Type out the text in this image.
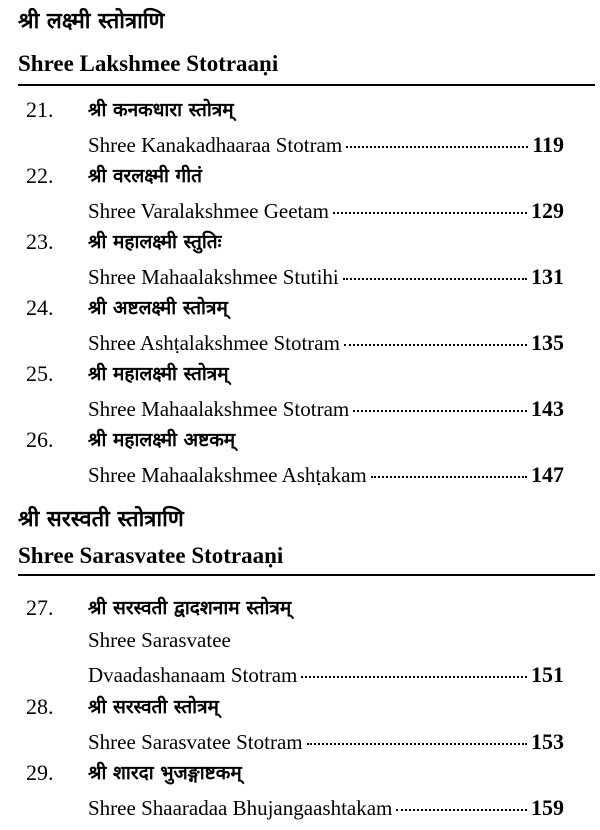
श्री लक्ष्मी स्तोत्राणि
Shree Lakshmee Stotraaṇi
21. श्री कनकधारा स्तोत्रम्
Shree Kanakadhaaraa Stotram	119
22. श्री वरलक्ष्मी गीतं
Shree Varalakshmee Geetam	129
23. श्री महालक्ष्मी स्तुतिः
Shree Mahaalakshmee Stutihi	131
24. श्री अष्टलक्ष्मी स्तोत्रम्
Shree Ashṭalakshmee Stotram	135
25. श्री महालक्ष्मी स्तोत्रम्
Shree Mahaalakshmee Stotram	143
26. श्री महालक्ष्मी अष्टकम्
Shree Mahaalakshmee Ashṭakam	147
श्री सरस्वती स्तोत्राणि
Shree Sarasvatee Stotraaṇi
27. श्री सरस्वती द्वादशनाम स्तोत्रम्
Shree Sarasvatee
Dvaadashanaam Stotram	151
28. श्री सरस्वती स्तोत्रम्
Shree Sarasvatee Stotram	153
29. श्री शारदा भुजङ्गाष्टकम्
Shree Shaaradaa Bhujangaashtakam	159
